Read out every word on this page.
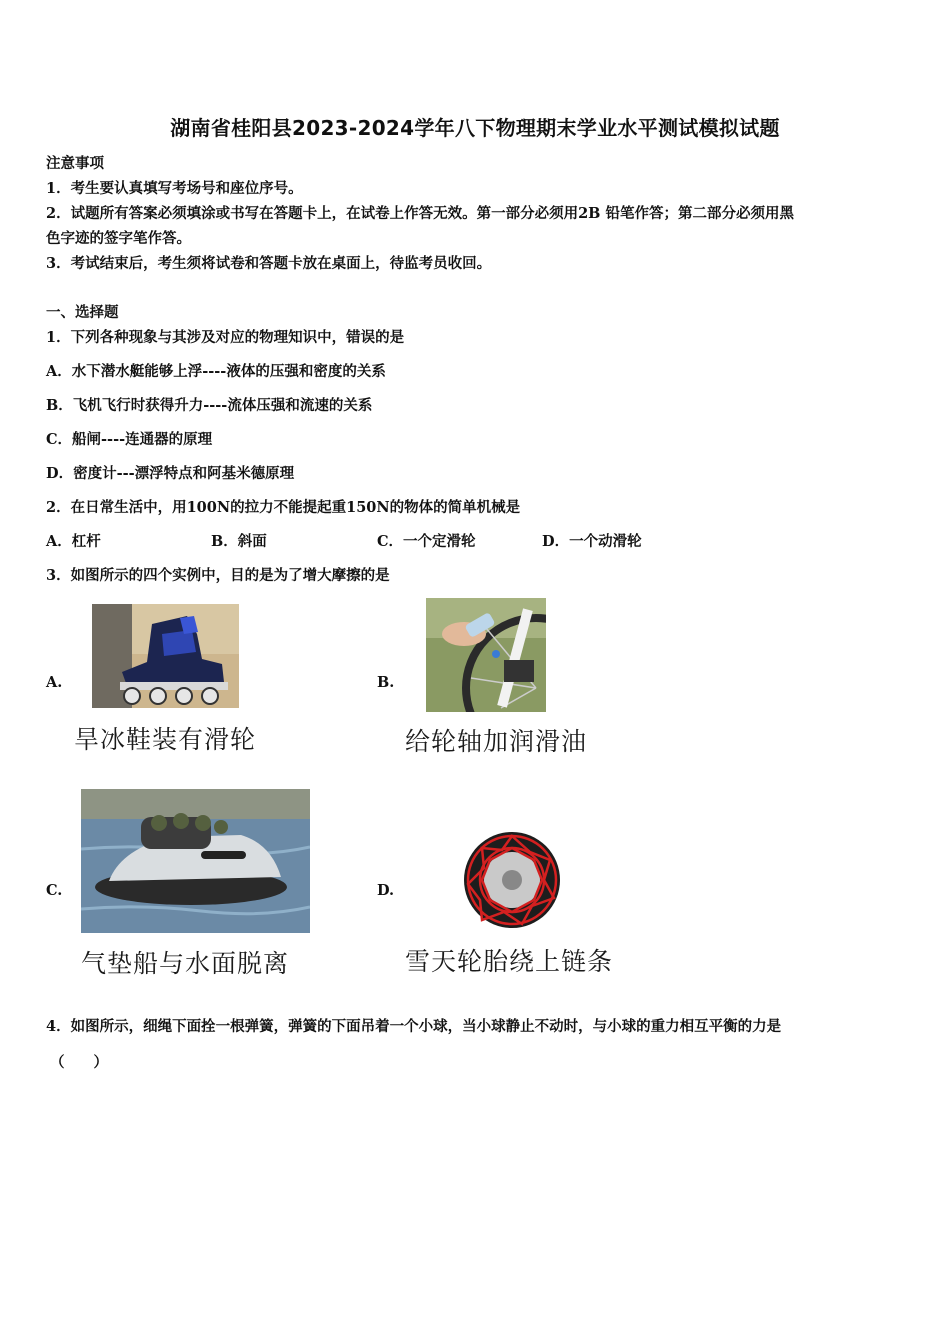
湖南省桂阳县2023-2024学年八下物理期末学业水平测试模拟试题
注意事项
1．考生要认真填写考场号和座位序号。
2．试题所有答案必须填涂或书写在答题卡上，在试卷上作答无效。第一部分必须用2B 铅笔作答；第二部分必须用黑
色字迹的签字笔作答。
3．考试结束后，考生须将试卷和答题卡放在桌面上，待监考员收回。
一、选择题
1．下列各种现象与其涉及对应的物理知识中，错误的是
A．水下潜水艇能够上浮----液体的压强和密度的关系
B．飞机飞行时获得升力----流体压强和流速的关系
C．船闸----连通器的原理
D．密度计---漂浮特点和阿基米德原理
2．在日常生活中，用100N的拉力不能提起重150N的物体的简单机械是
A．杠杆	B．斜面	C．一个定滑轮	D．一个动滑轮
3．如图所示的四个实例中，目的是为了增大摩擦的是
A.
旱冰鞋装有滑轮
B.
给轮轴加润滑油
C.
气垫船与水面脱离
D.
雪天轮胎绕上链条
4．如图所示，细绳下面拴一根弹簧，弹簧的下面吊着一个小球，当小球静止不动时，与小球的重力相互平衡的力是
（　　）
